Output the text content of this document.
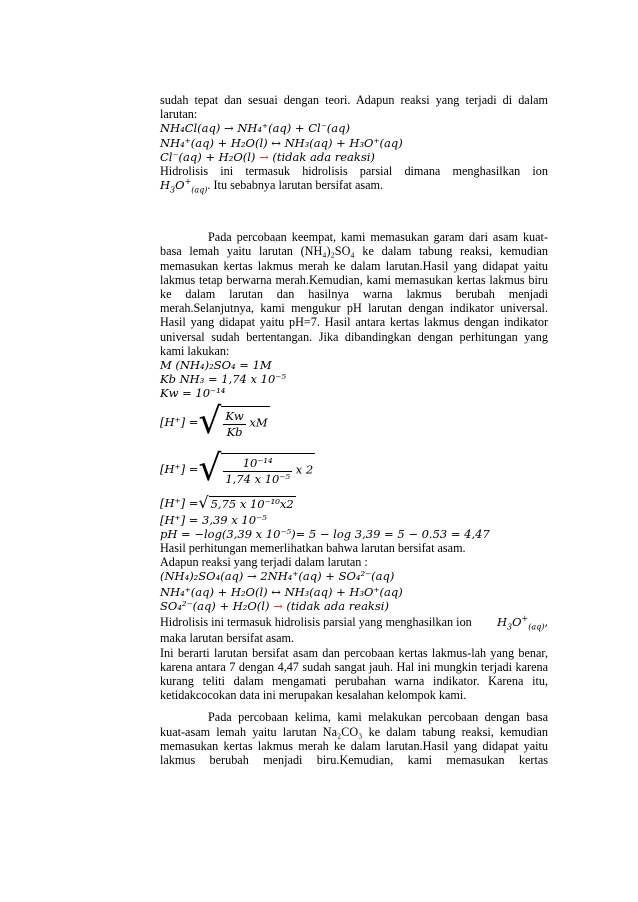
sudah tepat dan sesuai dengan teori. Adapun reaksi yang terjadi di dalam
larutan:
NH₄Cl(aq) → NH₄⁺(aq) + Cl⁻(aq)
NH₄⁺(aq) + H₂O(l) ↔ NH₃(aq) + H₃O⁺(aq)
Cl⁻(aq) + H₂O(l) → (tidak ada reaksi)
Hidrolisis ini termasuk hidrolisis parsial dimana menghasilkan ion
$H_3O^+_{(aq)}$. Itu sebabnya larutan bersifat asam.
Pada percobaan keempat, kami memasukan garam dari asam kuat-basa lemah yaitu larutan (NH₄)₂SO₄ ke dalam tabung reaksi, kemudian memasukan kertas lakmus merah ke dalam larutan.Hasil yang didapat yaitu lakmus tetap berwarna merah.Kemudian, kami memasukan kertas lakmus biru ke dalam larutan dan hasilnya warna lakmus berubah menjadi merah.Selanjutnya, kami mengukur pH larutan dengan indikator universal. Hasil yang didapat yaitu pH=7. Hasil antara kertas lakmus dengan indikator universal sudah bertentangan. Jika dibandingkan dengan perhitungan yang kami lakukan:
M (NH₄)₂SO₄ = 1M
Kb NH₃ = 1,74 x 10⁻⁵
Kw = 10⁻¹⁴
[H⁺] = √ $\frac{Kw}{Kb}$ xM
[H⁺] = √ $\frac{\text{10⁻¹⁴}}{\text{1,74 x 10⁻⁵}}$ x 2
[H⁺] = √ 5,75 x 10⁻¹⁰x2
[H⁺] = 3,39 x 10⁻⁵
pH = −log(3,39 x 10⁻⁵)= 5 − log 3,39 = 5 − 0.53 = 4,47
Hasil perhitungan memerlihatkan bahwa larutan bersifat asam.
Adapun reaksi yang terjadi dalam larutan :
(NH₄)₂SO₄(aq) → 2NH₄⁺(aq) + SO₄²⁻(aq)
NH₄⁺(aq) + H₂O(l) ↔ NH₃(aq) + H₃O⁺(aq)
SO₄²⁻(aq) + H₂O(l) → (tidak ada reaksi)
Hidrolisis ini termasuk hidrolisis parsial yang menghasilkan ion $H_3O^+_{(aq)}$,
maka larutan bersifat asam.
Ini berarti larutan bersifat asam dan percobaan kertas lakmus-lah yang benar, karena antara 7 dengan 4,47 sudah sangat jauh. Hal ini mungkin terjadi karena kurang teliti dalam mengamati perubahan warna indikator. Karena itu, ketidakcocokan data ini merupakan kesalahan kelompok kami.
Pada percobaan kelima, kami melakukan percobaan dengan basa kuat-asam lemah yaitu larutan Na₂CO₃ ke dalam tabung reaksi, kemudian memasukan kertas lakmus merah ke dalam larutan.Hasil yang didapat yaitu lakmus berubah menjadi biru.Kemudian, kami memasukan kertas
